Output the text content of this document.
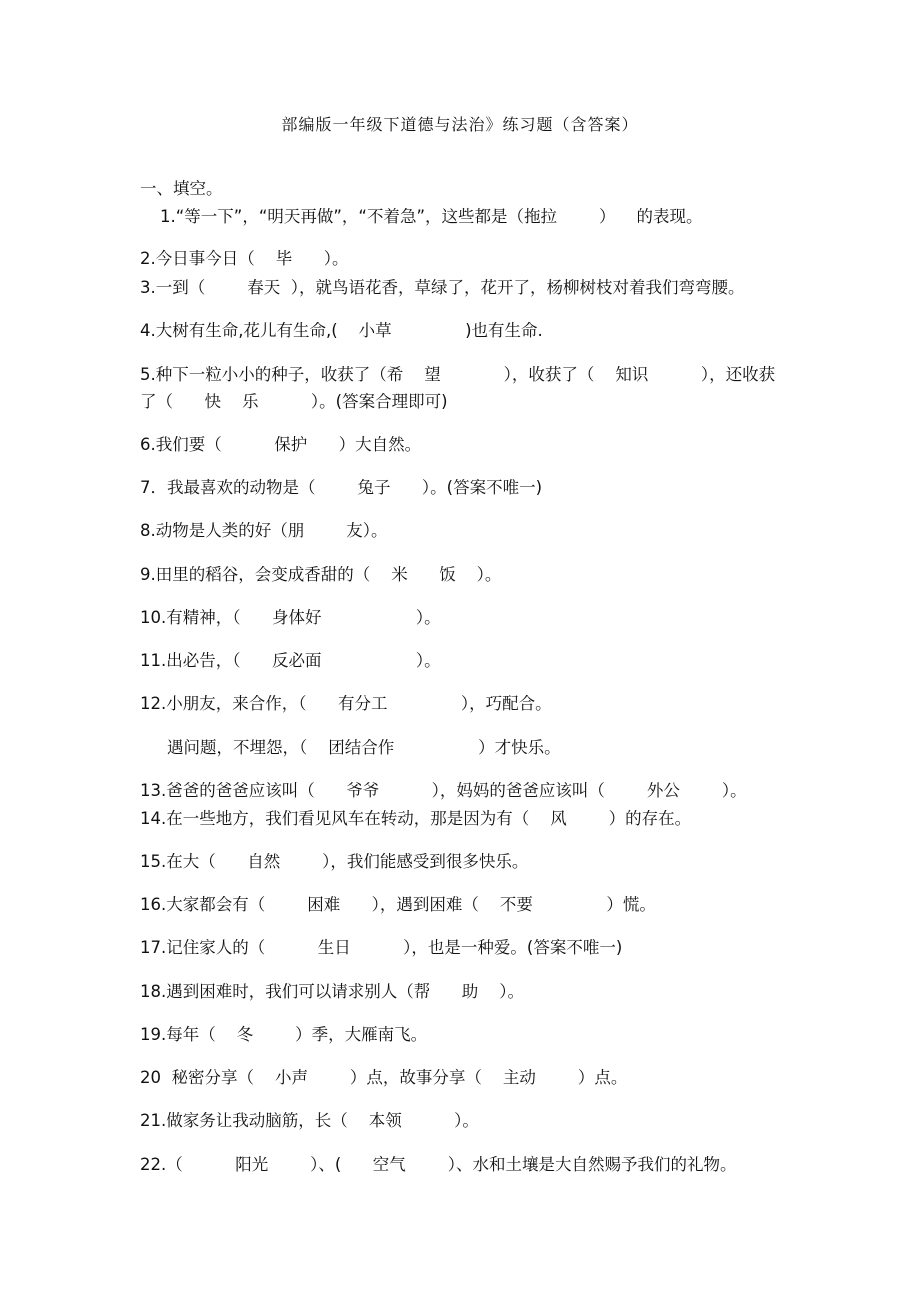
部编版一年级下道德与法治》练习题（含答案）
一、填空。
1.“等一下”，“明天再做”，“不着急”，这些都是（拖拉        ）    的表现。
2.今日事今日（    毕      ）。
3.一到（        春天  ），就鸟语花香，草绿了，花开了，杨柳树枝对着我们弯弯腰。
4.大树有生命,花儿有生命,(    小草              )也有生命.
5.种下一粒小小的种子，收获了（希    望            ），收获了（    知识          ），还收获
了（      快    乐          ）。(答案合理即可)
6.我们要（          保护      ）大自然。
7．我最喜欢的动物是（        兔子      ）。(答案不唯一)
8.动物是人类的好（朋        友）。
9.田里的稻谷，会变成香甜的（    米      饭    ）。
10.有精神，（      身体好                  ）。
11.出必告，（      反必面                  ）。
12.小朋友，来合作，（      有分工              ），巧配合。
遇问题，不埋怨，（    团结合作                ）才快乐。
13.爸爸的爸爸应该叫（      爷爷          ），妈妈的爸爸应该叫（        外公        ）。
14.在一些地方，我们看见风车在转动，那是因为有（    风        ）的存在。
15.在大（      自然        ），我们能感受到很多快乐。
16.大家都会有（        困难      ），遇到困难（    不要              ）慌。
17.记住家人的（          生日          ），也是一种爱。(答案不唯一)
18.遇到困难时，我们可以请求别人（帮      助    ）。
19.每年（    冬        ）季，大雁南飞。
20  秘密分享（    小声        ）点，故事分享（    主动        ）点。
21.做家务让我动脑筋，长（    本领          ）。
22.（          阳光        ）、(      空气        ）、水和土壤是大自然赐予我们的礼物。
